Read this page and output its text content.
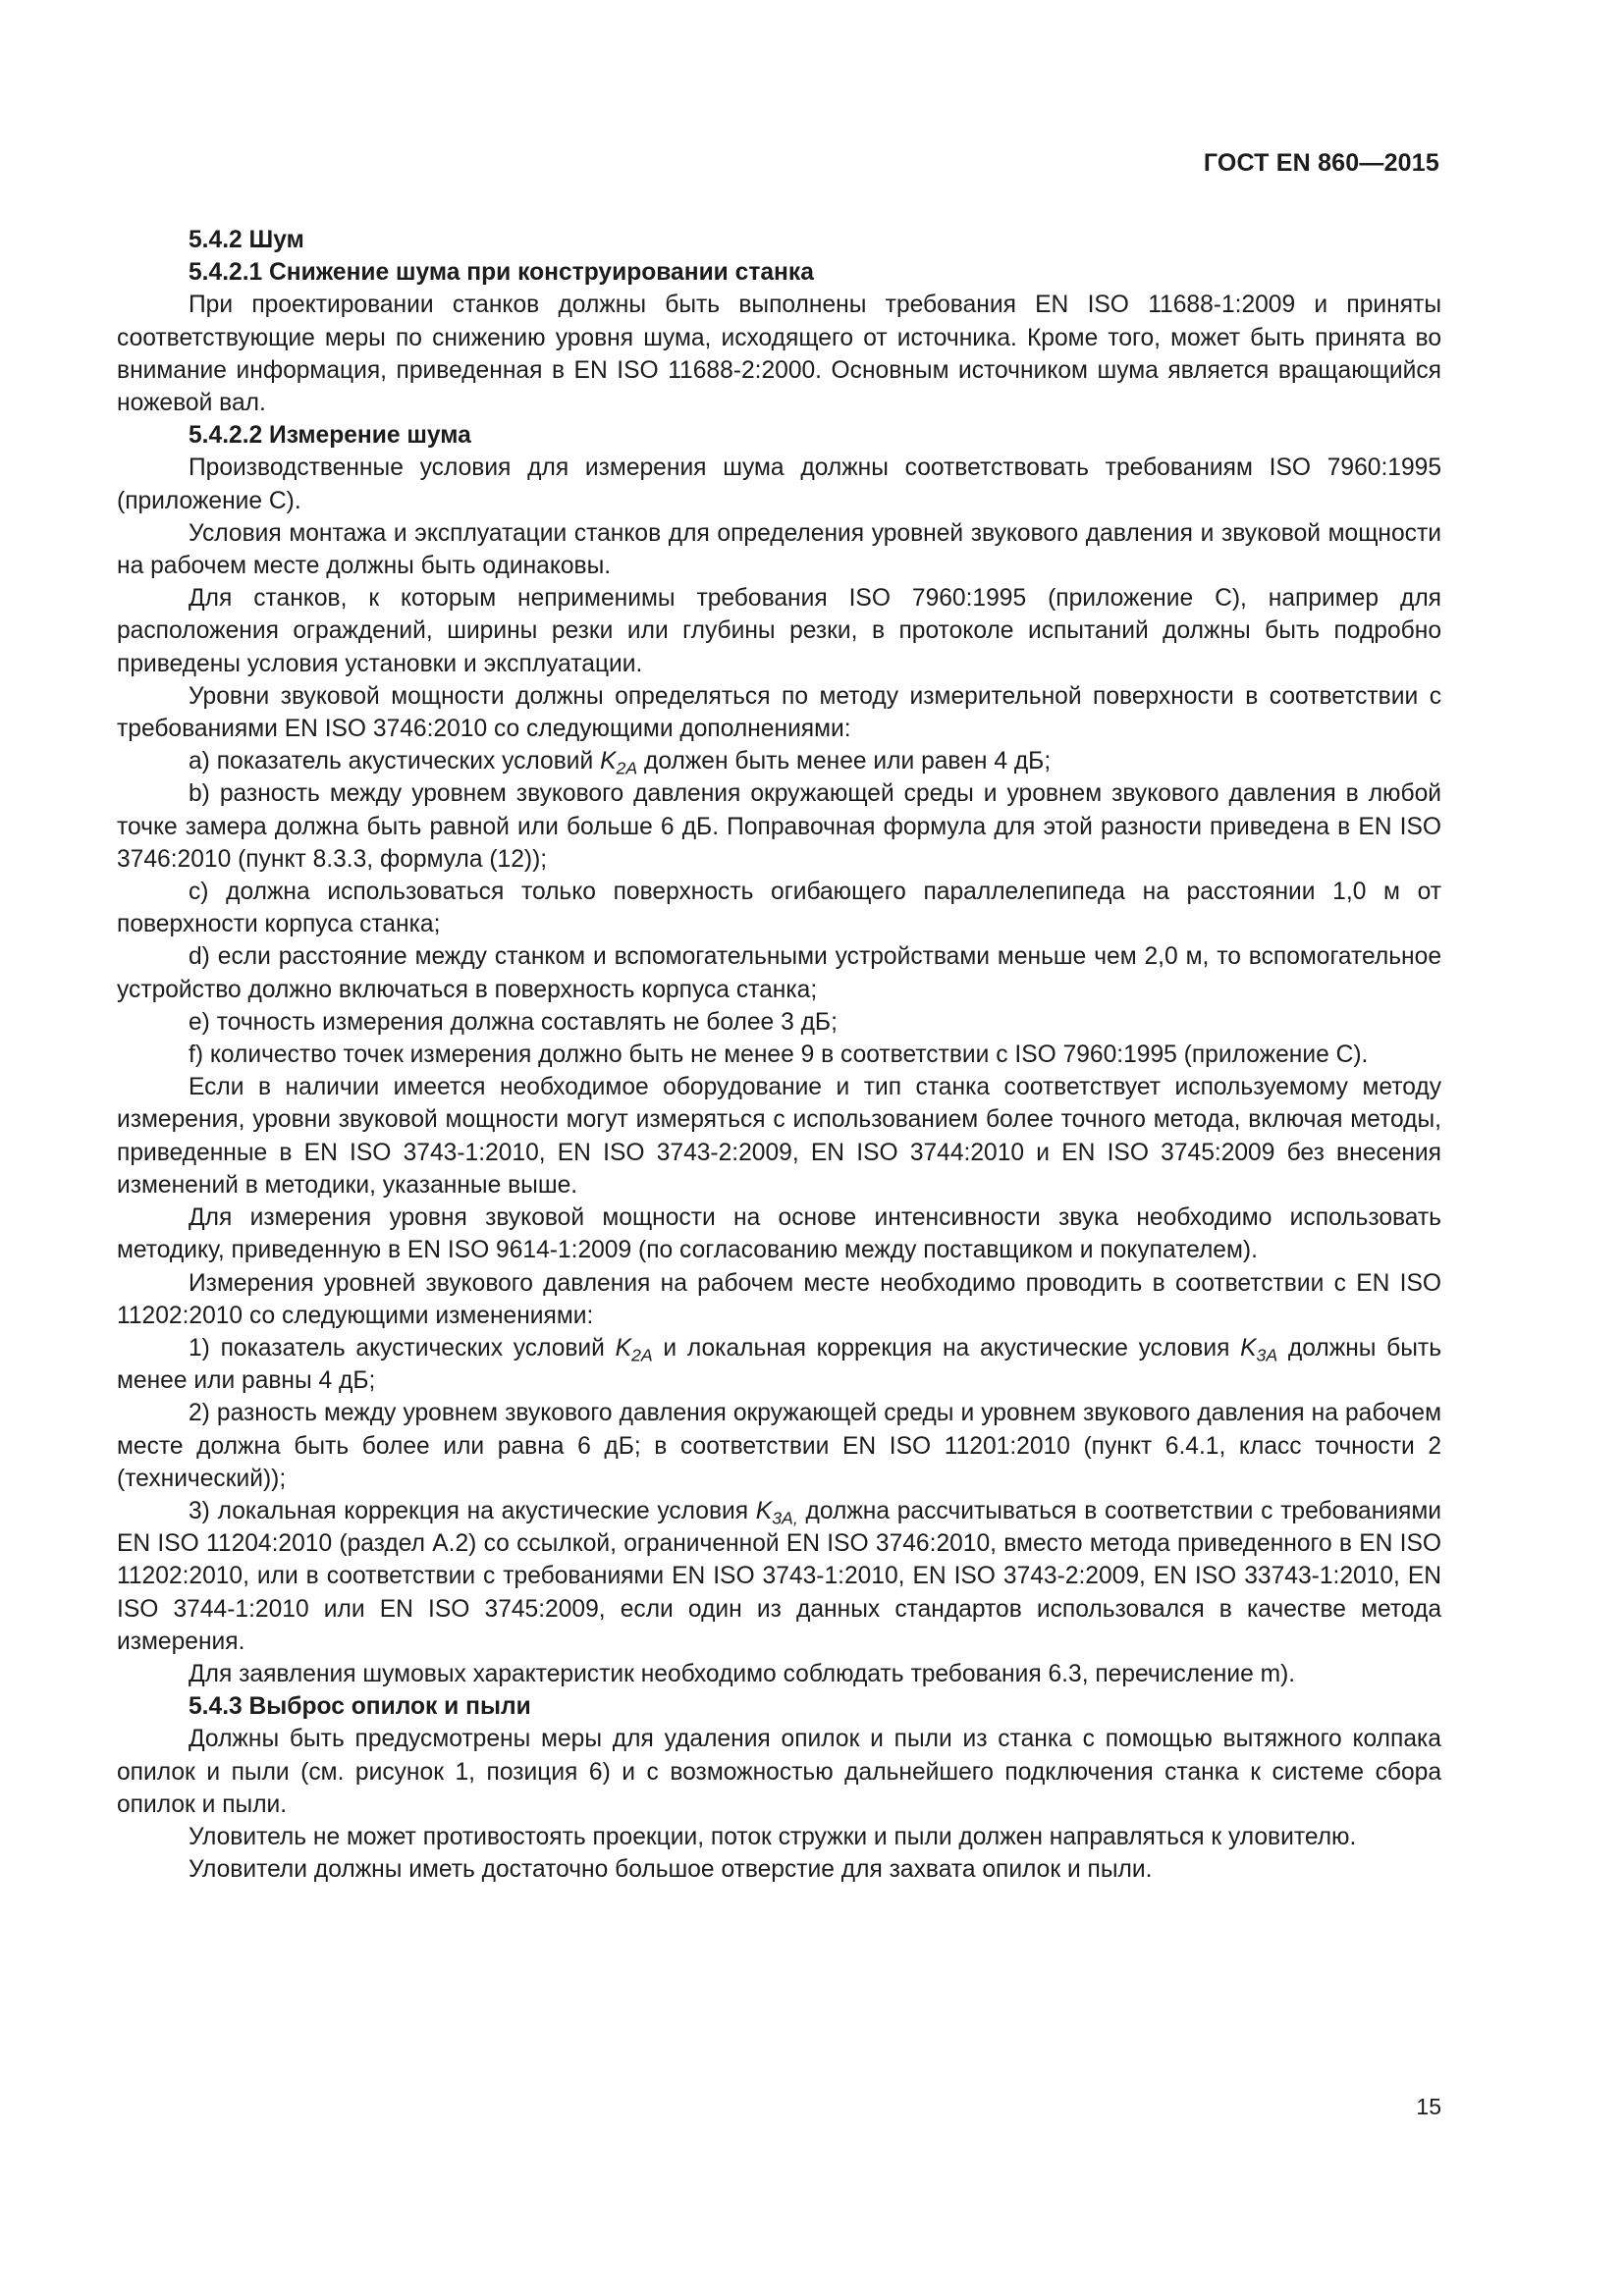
ГОСТ EN 860—2015

5.4.2 Шум

5.4.2.1 Снижение шума при конструировании станка

При проектировании станков должны быть выполнены требования EN ISO 11688-1:2009 и приняты соответствующие меры по снижению уровня шума, исходящего от источника. Кроме того, может быть принята во внимание информация, приведенная в EN ISO 11688-2:2000. Основным источником шума является вращающийся ножевой вал.

5.4.2.2 Измерение шума

Производственные условия для измерения шума должны соответствовать требованиям ISO 7960:1995 (приложение С).

Условия монтажа и эксплуатации станков для определения уровней звукового давления и звуковой мощности на рабочем месте должны быть одинаковы.

Для станков, к которым неприменимы требования ISO 7960:1995 (приложение С), например для расположения ограждений, ширины резки или глубины резки, в протоколе испытаний должны быть подробно приведены условия установки и эксплуатации.

Уровни звуковой мощности должны определяться по методу измерительной поверхности в соответствии с требованиями EN ISO 3746:2010 со следующими дополнениями:

a) показатель акустических условий $K_{2A}$ должен быть менее или равен 4 дБ;

b) разность между уровнем звукового давления окружающей среды и уровнем звукового давления в любой точке замера должна быть равной или больше 6 дБ. Поправочная формула для этой разности приведена в EN ISO 3746:2010 (пункт 8.3.3, формула (12));

c) должна использоваться только поверхность огибающего параллелепипеда на расстоянии 1,0 м от поверхности корпуса станка;

d) если расстояние между станком и вспомогательными устройствами меньше чем 2,0 м, то вспомогательное устройство должно включаться в поверхность корпуса станка;

e) точность измерения должна составлять не более 3 дБ;

f) количество точек измерения должно быть не менее 9 в соответствии с ISO 7960:1995 (приложение С).

Если в наличии имеется необходимое оборудование и тип станка соответствует используемому методу измерения, уровни звуковой мощности могут измеряться с использованием более точного метода, включая методы, приведенные в EN ISO 3743-1:2010, EN ISO 3743-2:2009, EN ISO 3744:2010 и EN ISO 3745:2009 без внесения изменений в методики, указанные выше.

Для измерения уровня звуковой мощности на основе интенсивности звука необходимо использовать методику, приведенную в EN ISO 9614-1:2009 (по согласованию между поставщиком и покупателем).

Измерения уровней звукового давления на рабочем месте необходимо проводить в соответствии с EN ISO 11202:2010 со следующими изменениями:

1) показатель акустических условий $K_{2A}$ и локальная коррекция на акустические условия $K_{3A}$ должны быть менее или равны 4 дБ;

2) разность между уровнем звукового давления окружающей среды и уровнем звукового давления на рабочем месте должна быть более или равна 6 дБ; в соответствии EN ISO 11201:2010 (пункт 6.4.1, класс точности 2 (технический));

3) локальная коррекция на акустические условия $K_{3A,}$ должна рассчитываться в соответствии с требованиями EN ISO 11204:2010 (раздел А.2) со ссылкой, ограниченной EN ISO 3746:2010, вместо метода приведенного в EN ISO 11202:2010, или в соответствии с требованиями EN ISO 3743-1:2010, EN ISO 3743-2:2009, EN ISO 33743-1:2010, EN ISO 3744-1:2010 или EN ISO 3745:2009, если один из данных стандартов использовался в качестве метода измерения.

Для заявления шумовых характеристик необходимо соблюдать требования 6.3, перечисление m).

5.4.3 Выброс опилок и пыли

Должны быть предусмотрены меры для удаления опилок и пыли из станка с помощью вытяжного колпака опилок и пыли (см. рисунок 1, позиция 6) и с возможностью дальнейшего подключения станка к системе сбора опилок и пыли.

Уловитель не может противостоять проекции, поток стружки и пыли должен направляться к уловителю.

Уловители должны иметь достаточно большое отверстие для захвата опилок и пыли.

15
